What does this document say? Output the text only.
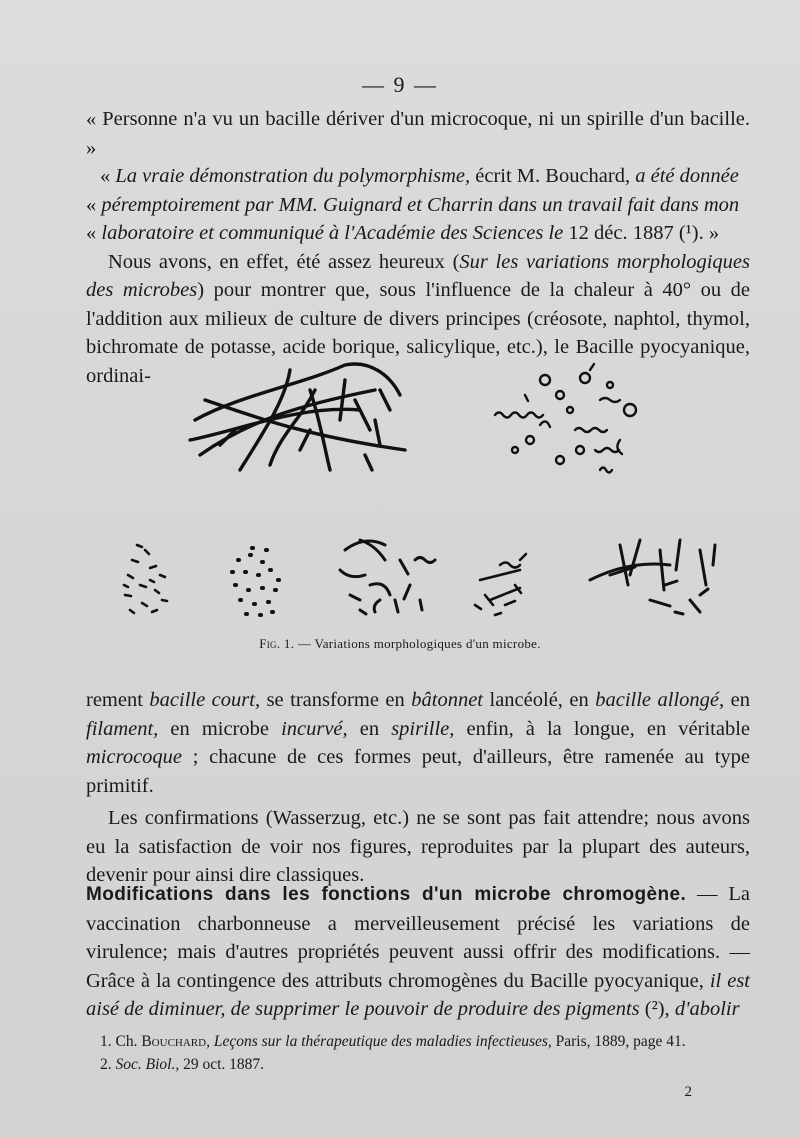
— 9 —

« Personne n'a vu un bacille dériver d'un microcoque, ni un spirille d'un bacille. »

« La vraie démonstration du polymorphisme, écrit M. Bouchard, a été donnée

« péremptoirement par MM. Guignard et Charrin dans un travail fait dans mon

« laboratoire et communiqué à l'Académie des Sciences le 12 déc. 1887 (¹). »

Nous avons, en effet, été assez heureux (Sur les variations morphologiques des microbes) pour montrer que, sous l'influence de la chaleur à 40° ou de l'addition aux milieux de culture de divers principes (créosote, naphtol, thymol, bichromate de potasse, acide borique, salicylique, etc.), le Bacille pyocyanique, ordinai-

Fig. 1. — Variations morphologiques d'un microbe.

rement bacille court, se transforme en bâtonnet lancéolé, en bacille allongé, en filament, en microbe incurvé, en spirille, enfin, à la longue, en véritable microcoque ; chacune de ces formes peut, d'ailleurs, être ramenée au type primitif.

Les confirmations (Wasserzug, etc.) ne se sont pas fait attendre; nous avons eu la satisfaction de voir nos figures, reproduites par la plupart des auteurs, devenir pour ainsi dire classiques.

Modifications dans les fonctions d'un microbe chromogène. — La vaccination charbonneuse a merveilleusement précisé les variations de virulence; mais d'autres propriétés peuvent aussi offrir des modifications. — Grâce à la contingence des attributs chromogènes du Bacille pyocyanique, il est aisé de diminuer, de supprimer le pouvoir de produire des pigments (²), d'abolir

1. Ch. Bouchard, Leçons sur la thérapeutique des maladies infectieuses, Paris, 1889, page 41.
2. Soc. Biol., 29 oct. 1887.
2
